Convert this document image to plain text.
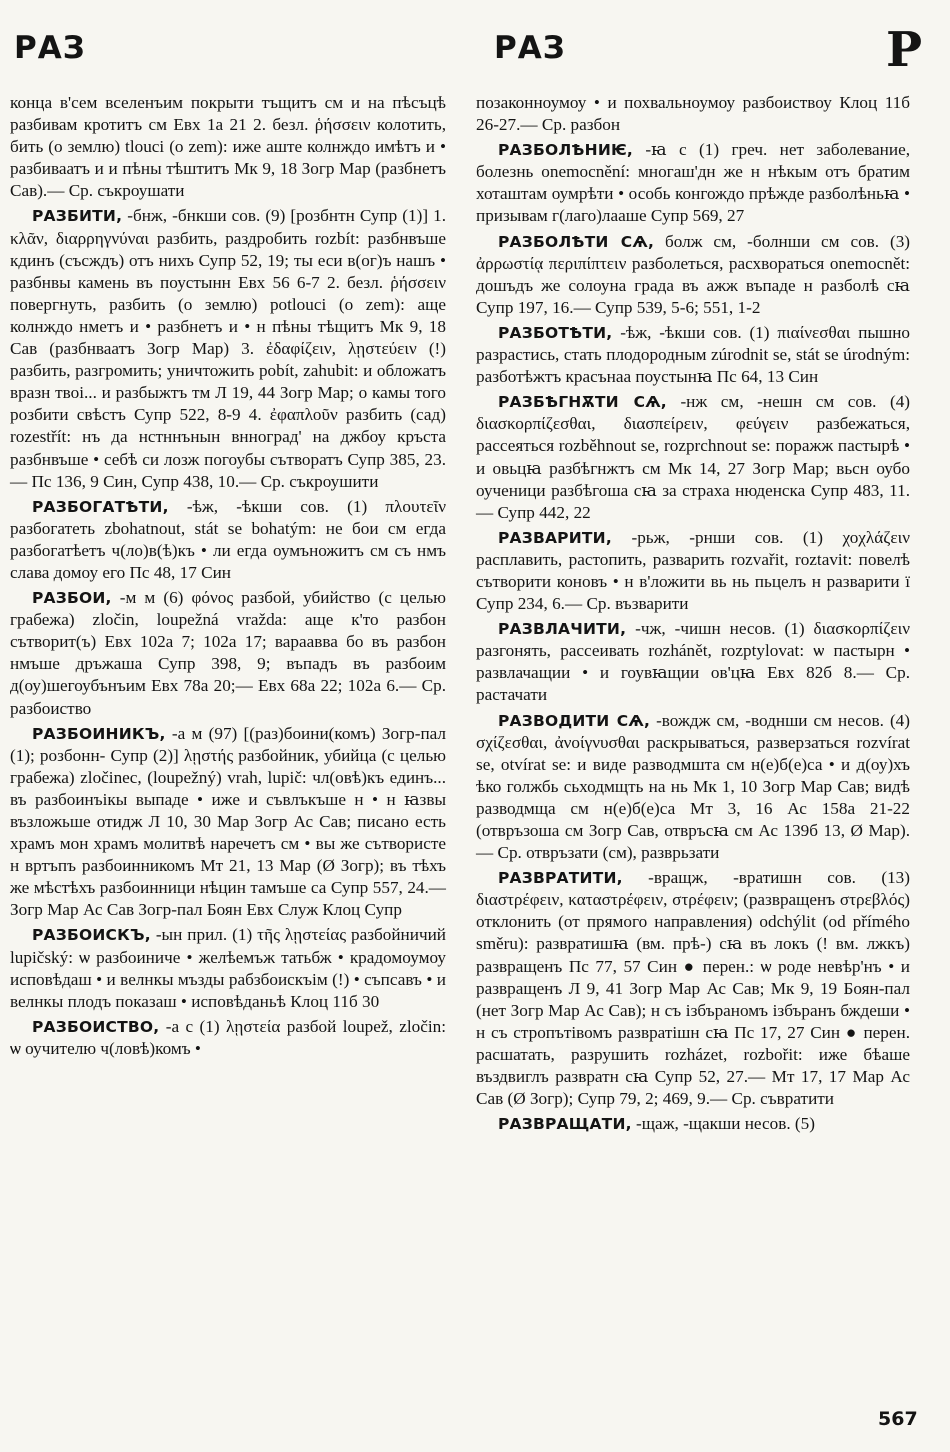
РАЗ	РАЗ	Р

конца в'сем вселенъим покрыти тъщитъ см и на пѣсъцѣ разбивам кротитъ см Евх 1а 21 2. безл. ῥήσσειν колотить, бить (о землю) tlouci (o zem): иже аште колнждо имѣтъ и • разбиваатъ и и пѣны тѣштитъ Мк 9, 18 Зогр Мар (разбнетъ Сав).— Ср. съкроушати

РАЗБИТИ, -бнж, -бнкши сов. (9) [розбнтн Супр (1)] 1. κλᾶν, διαρρηγνύναι разбить, раздробить rozbít: разбнвъше кдинъ (съсждъ) отъ нихъ Супр 52, 19; ты еси в(ог)ъ нашъ • разбнвы камень въ поустынн Евх 56 6-7 2. безл. ῥήσσειν повергнуть, разбить (о землю) potlouci (o zem): аще колнждо нметъ и • разбнетъ и • н пѣны тѣщитъ Мк 9, 18 Сав (разбнваатъ Зогр Мар) 3. ἐδαφίζειν, λῃστεύειν (!) разбить, разгромить; уничтожить pobít, zahubit: и обложатъ вразн твоі... и разбыжтъ тм Л 19, 44 Зогр Мар; о камы того розбити свѣстъ Супр 522, 8-9 4. ἐφαπλοῦν разбить (сад) rozestřít: нъ да нстннънын внноград' на джбоу кръста разбнвъше • себѣ си лозж погоубы сътворатъ Супр 385, 23.— Пс 136, 9 Син, Супр 438, 10.— Ср. съкроушити

РАЗБОГАТѢТИ, -ѣж, -ѣкши сов. (1) πλουτεῖν разбогатеть zbohatnout, stát se bohatým: не бои см егда разбогатѣетъ ч(ло)в(ѣ)къ • ли егда оумъножитъ см съ нмъ слава домоу его Пс 48, 17 Син

РАЗБОИ, -м м (6) φόνος разбой, убийство (с целью грабежа) zločin, loupežná vražda: аще к'то разбон сътворит(ъ) Евх 102а 7; 102а 17; вараавва бо въ разбон нмъше дръжаша Супр 398, 9; въпадъ въ разбоим д(оу)шегоубънъим Евх 78а 20;— Евх 68а 22; 102а 6.— Ср. разбоиство

РАЗБОИНИКЪ, -а м (97) [(раз)боини(комъ) Зогр-пал (1); розбонн- Супр (2)] λῃστής разбойник, убийца (с целью грабежа) zločinec, (loupežný) vrah, lupič: чл(овѣ)къ единъ... въ разбоинъікы выпаде • иже и съвлъкъше н • н ꙗзвы възложьше отидж Л 10, 30 Мар Зогр Ас Сав; писано есть храмъ мон храмъ молитвѣ наречетъ см • вы же сътвористе н вртъпъ разбоинникомъ Мт 21, 13 Мар (Ø Зогр); въ тѣхъ же мѣстѣхъ разбоинници нѣцин тамъше са Супр 557, 24.— Зогр Мар Ас Сав Зогр-пал Боян Евх Служ Клоц Супр

РАЗБОИСКЪ, -ын прил. (1) τῆς λῃστείας разбойничий lupičský: ѡ разбоиниче • желѣемъж татьбж • крадомоумоу исповѣдаш • и велнкы мъзды рабзбоискъім (!) • съпсавъ • и велнкы плодъ показаш • исповѣданьѣ Клоц 11б 30

РАЗБОИСТВО, -а с (1) λῃστεία разбой loupež, zločin: ѡ оучителю ч(ловѣ)комъ •

позаконноумоу • и похвальноумоу разбоиствоу Клоц 11б 26-27.— Ср. разбон

РАЗБОЛѢНИѤ, -ꙗ с (1) греч. нет заболевание, болезнь onemocnění: многаш'дн же н нѣкым отъ братим хоташтам оумрѣти • особь конгождо прѣжде разболѣньꙗ • призывам г(лаго)лааше Супр 569, 27

РАЗБОЛѢТИ СѦ, болж см, -болнши см сов. (3) ἀρρωστίᾳ περιπίπτειν разболеться, расхвораться onemocnět: дошъдъ же солоуна града въ ажж въпаде н разболѣ сꙗ Супр 197, 16.— Супр 539, 5-6; 551, 1-2

РАЗБОТѢТИ, -ѣж, -ѣкши сов. (1) πιαίνεσθαι пышно разрастись, стать плодородным zúrodnit se, stát se úrodným: разботѣжтъ красънаа поустынꙗ Пс 64, 13 Син

РАЗБѢГНѪТИ СѦ, -нж см, -нешн см сов. (4) διασκορπίζεσθαι, διασπείρειν, φεύγειν разбежаться, рассеяться rozběhnout se, rozprchnout se: поражж пастырѣ • и овьцꙗ разбѣгнжтъ см Мк 14, 27 Зогр Мар; вьсн оубо оученици разбѣгоша сꙗ за страха нюденска Супр 483, 11.— Супр 442, 22

РАЗВАРИТИ, -рьж, -рнши сов. (1) χοχλάζειν расплавить, растопить, разварить rozvařit, roztavit: повелѣ сътворити коновъ • н в'ложити вь нь пьцелъ н разварити ї Супр 234, 6.— Ср. възварити

РАЗВЛАЧИТИ, -чж, -чишн несов. (1) διασκορπίζειν разгонять, рассеивать rozhánět, rozptylovat: ѡ пастырн • развлачащии • и гоувꙗщии ов'цꙗ Евх 82б 8.— Ср. растачати

РАЗВОДИТИ СѦ, -вождж см, -воднши см несов. (4) σχίζεσθαι, ἀνοίγνυσθαι раскрываться, разверзаться rozvírat se, otvírat se: и виде разводмшта см н(е)б(е)са • и д(оу)хъ ѣко голжбь сьходмщть на нь Мк 1, 10 Зогр Мар Сав; видѣ разводмща см н(е)б(е)са Мт 3, 16 Ас 158а 21-22 (отвръзоша см Зогр Сав, отвръсꙗ см Ас 139б 13, Ø Мар).— Ср. отвръзати (см), разврьзати

РАЗВРАТИТИ, -вращж, -вратишн сов. (13) διαστρέφειν, καταστρέφειν, στρέφειν; (развращенъ στρεβλός) отклонить (от прямого направления) odchýlit (od přímého směru): развратишꙗ (вм. прѣ-) сꙗ въ локъ (! вм. лжкъ) развращенъ Пс 77, 57 Син ● перен.: ѡ роде невѣр'нъ • и развращенъ Л 9, 41 Зогр Мар Ас Сав; Мк 9, 19 Боян-пал (нет Зогр Мар Ас Сав); н съ ізбъраномъ ізбъранъ бждеши • н съ стропътівомъ развратішн сꙗ Пс 17, 27 Син ● перен. расшатать, разрушить rozházet, rozbořit: иже бѣаше въздвиглъ развратн сꙗ Супр 52, 27.— Мт 17, 17 Мар Ас Сав (Ø Зогр); Супр 79, 2; 469, 9.— Ср. съвратити

РАЗВРАЩАТИ, -щаж, -щакши несов. (5)

567
